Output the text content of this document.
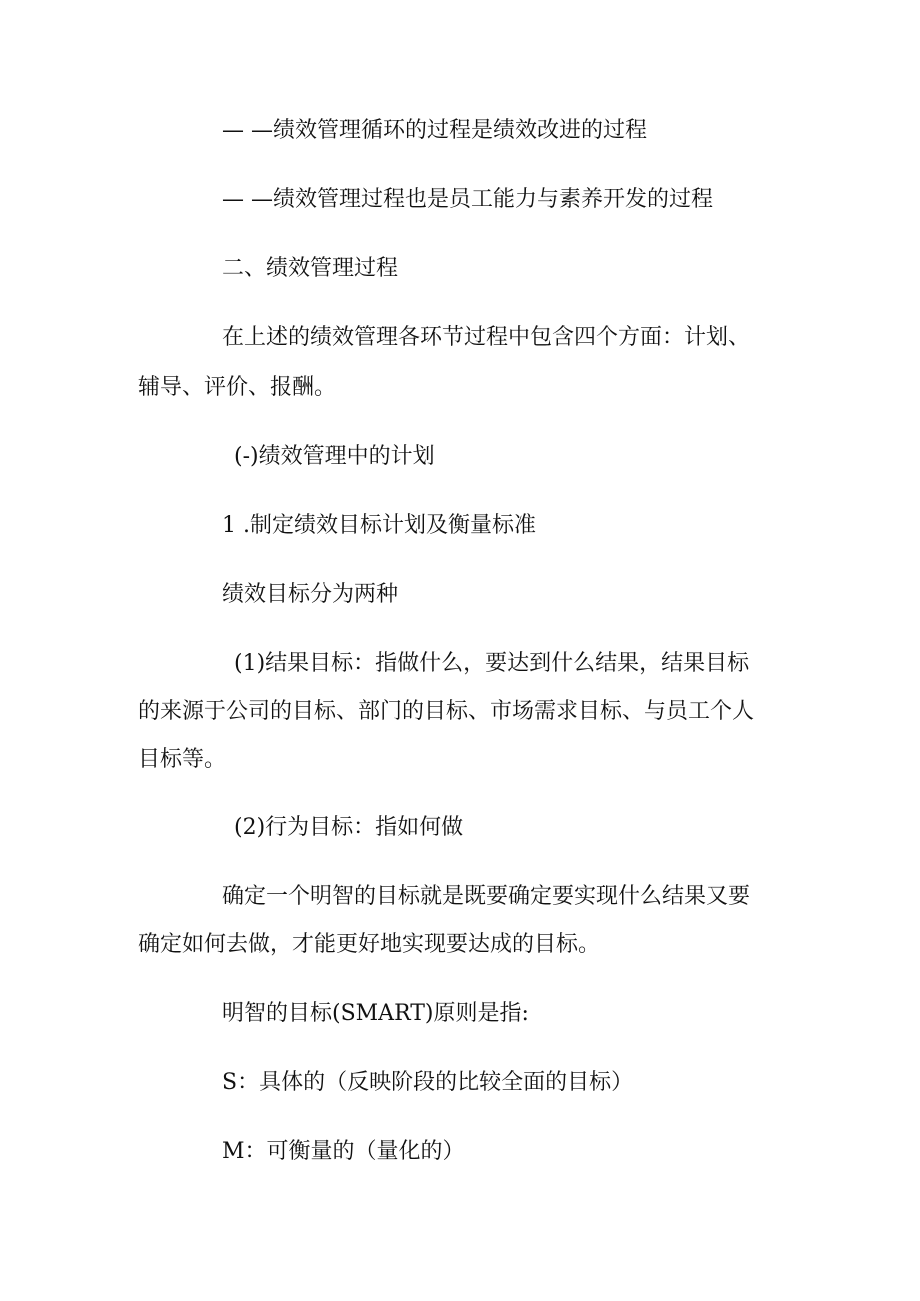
— —绩效管理循环的过程是绩效改进的过程
— —绩效管理过程也是员工能力与素养开发的过程
二、绩效管理过程
在上述的绩效管理各环节过程中包含四个方面：计划、
辅导、评价、报酬。
(-)绩效管理中的计划
1 .制定绩效目标计划及衡量标准
绩效目标分为两种
(1)结果目标：指做什么，要达到什么结果，结果目标
的来源于公司的目标、部门的目标、市场需求目标、与员工个人
目标等。
(2)行为目标：指如何做
确定一个明智的目标就是既要确定要实现什么结果又要
确定如何去做，才能更好地实现要达成的目标。
明智的目标(SMART)原则是指:
S：具体的（反映阶段的比较全面的目标）
M：可衡量的（量化的）
